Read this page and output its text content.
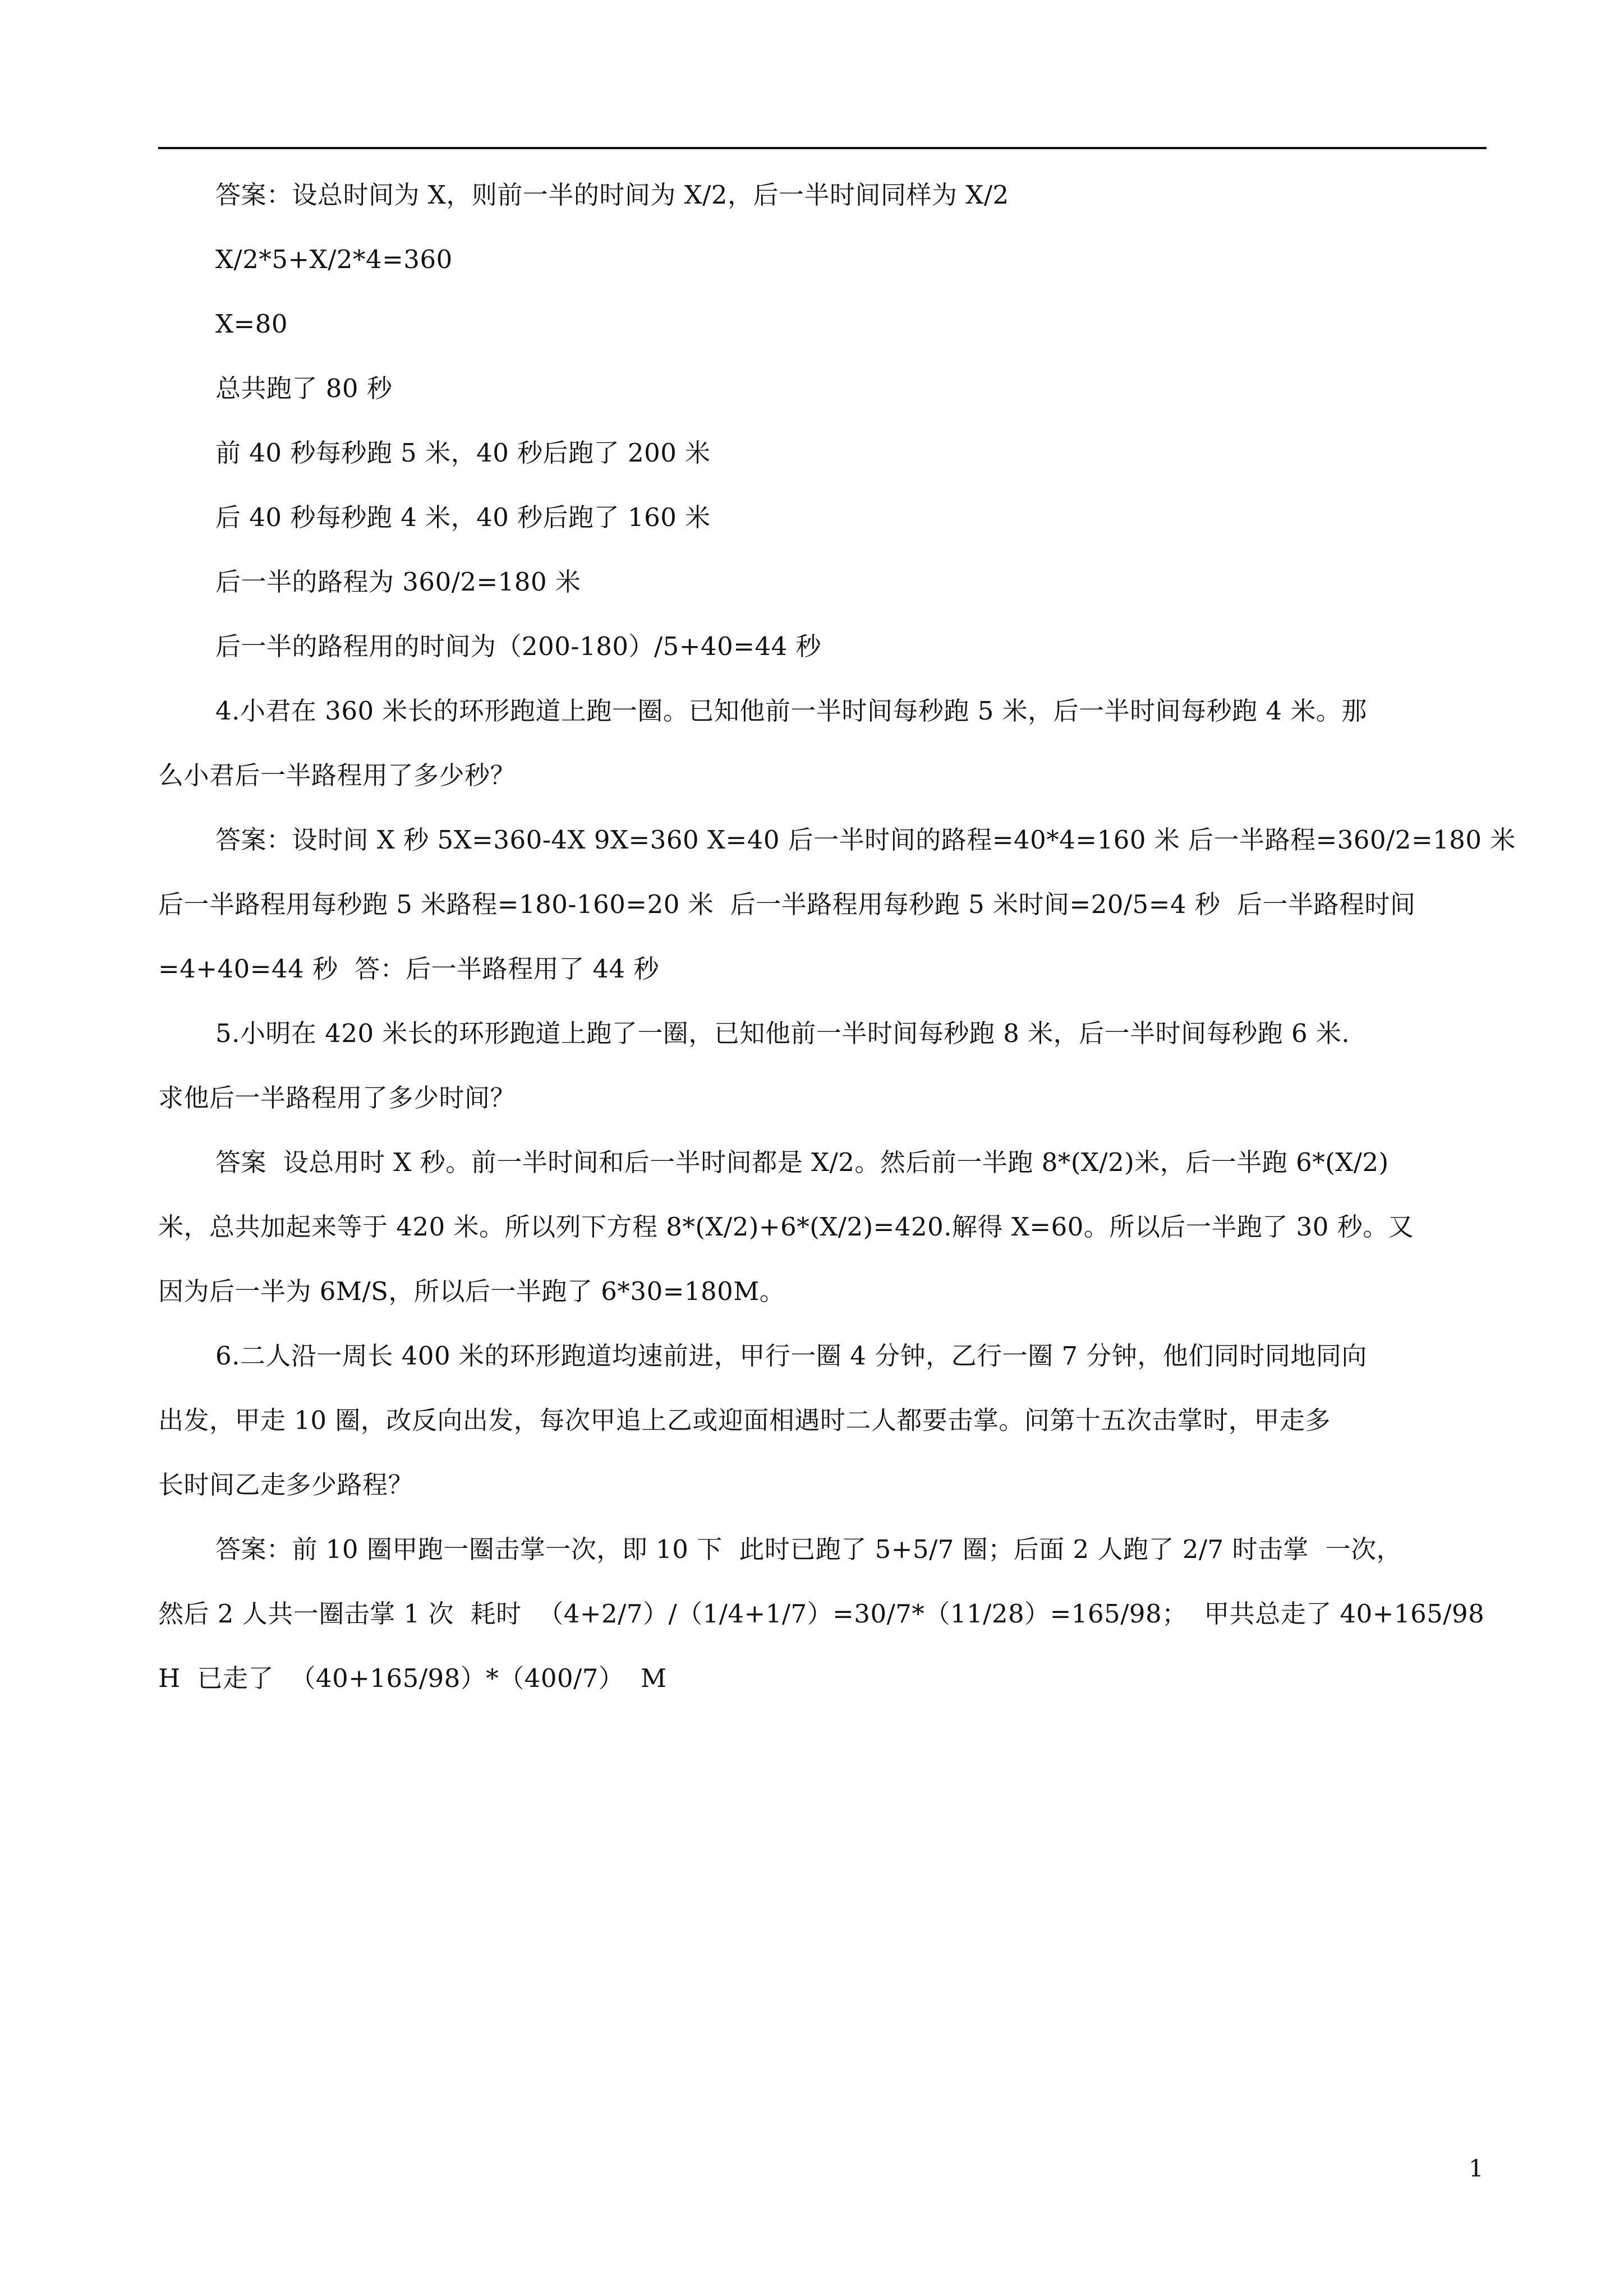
答案：设总时间为 X，则前一半的时间为 X/2，后一半时间同样为 X/2
X/2*5+X/2*4=360
X=80
总共跑了 80 秒
前 40 秒每秒跑 5 米，40 秒后跑了 200 米
后 40 秒每秒跑 4 米，40 秒后跑了 160 米
后一半的路程为 360/2=180 米
后一半的路程用的时间为（200-180）/5+40=44 秒
4.小君在 360 米长的环形跑道上跑一圈。已知他前一半时间每秒跑 5 米，后一半时间每秒跑 4 米。那
么小君后一半路程用了多少秒？
答案：设时间 X 秒 5X=360-4X 9X=360 X=40 后一半时间的路程=40*4=160 米 后一半路程=360/2=180 米
后一半路程用每秒跑 5 米路程=180-160=20 米  后一半路程用每秒跑 5 米时间=20/5=4 秒  后一半路程时间
=4+40=44 秒  答：后一半路程用了 44 秒
5.小明在 420 米长的环形跑道上跑了一圈，已知他前一半时间每秒跑 8 米，后一半时间每秒跑 6 米.
求他后一半路程用了多少时间？
答案  设总用时 X 秒。前一半时间和后一半时间都是 X/2。然后前一半跑 8*(X/2)米，后一半跑 6*(X/2)
米，总共加起来等于 420 米。所以列下方程 8*(X/2)+6*(X/2)=420.解得 X=60。所以后一半跑了 30 秒。又
因为后一半为 6M/S，所以后一半跑了 6*30=180M。
6.二人沿一周长 400 米的环形跑道均速前进，甲行一圈 4 分钟，乙行一圈 7 分钟，他们同时同地同向
出发，甲走 10 圈，改反向出发，每次甲追上乙或迎面相遇时二人都要击掌。问第十五次击掌时，甲走多
长时间乙走多少路程？
答案：前 10 圈甲跑一圈击掌一次，即 10 下  此时已跑了 5+5/7 圈；后面 2 人跑了 2/7 时击掌  一次，
然后 2 人共一圈击掌 1 次  耗时  （4+2/7）/（1/4+1/7）=30/7*（11/28）=165/98；  甲共总走了 40+165/98
H  已走了  （40+165/98）*（400/7）  M
1
